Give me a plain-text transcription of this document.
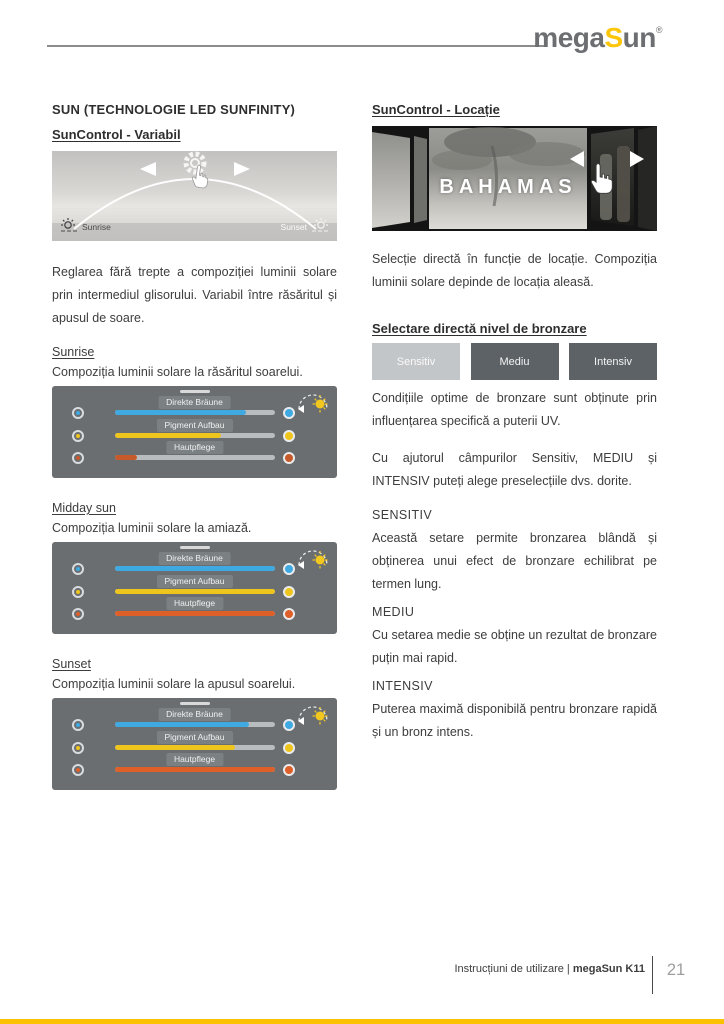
megaSun®
SUN (TECHNOLOGIE LED SUNFINITY)
SunControl - Variabil
Sunrise	Sunset
Reglarea fără trepte a compoziției luminii solare prin intermediul glisorului. Variabil între răsăritul și apusul de soare.
Sunrise
Compoziția luminii solare la răsăritul soarelui.
Direkte Bräune
Pigment Aufbau
Hautpflege
Midday sun
Compoziția luminii solare la amiază.
Direkte Bräune
Pigment Aufbau
Hautpflege
Sunset
Compoziția luminii solare la apusul soarelui.
Direkte Bräune
Pigment Aufbau
Hautpflege
SunControl - Locație
BAHAMAS
Selecție directă în funcție de locație. Compoziția luminii solare depinde de locația aleasă.
Selectare directă nivel de bronzare
Sensitiv	Mediu	Intensiv
Condițiile optime de bronzare sunt obținute prin influențarea specifică a puterii UV.
Cu ajutorul câmpurilor Sensitiv, MEDIU și INTENSIV puteți alege preselecțiile dvs. dorite.
SENSITIV
Această setare permite bronzarea blândă și obținerea unui efect de bronzare echilibrat pe termen lung.
MEDIU
Cu setarea medie se obține un rezultat de bronzare puțin mai rapid.
INTENSIV
Puterea maximă disponibilă pentru bronzare rapidă și un bronz intens.
Instrucțiuni de utilizare | megaSun K11	21
